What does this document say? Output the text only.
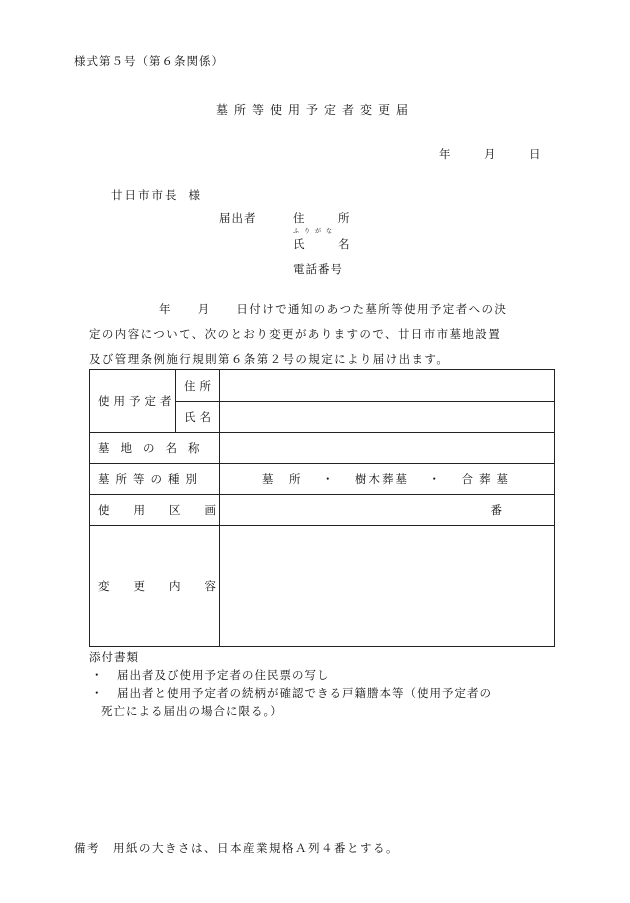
様式第５号（第６条関係）
墓所等使用予定者変更届
年	月	日
廿日市市長 様
届出者	住	所
ふりがな
氏	名
電話番号
年　　月　　日付けで通知のあつた墓所等使用予定者への決
定の内容について、次のとおり変更がありますので、廿日市市墓地設置
及び管理条例施行規則第６条第２号の規定により届け出ます。
使用予定者	住所	
	氏名	
墓地の名称		
墓所等の種別		墓　所 ・ 樹木葬墓 ・ 合葬墓

使用区画		番
変更内容		
添付書類
・ 届出者及び使用予定者の住民票の写し
・ 届出者と使用予定者の続柄が確認できる戸籍謄本等（使用予定者の
死亡による届出の場合に限る。）
備考　用紙の大きさは、日本産業規格Ａ列４番とする。
